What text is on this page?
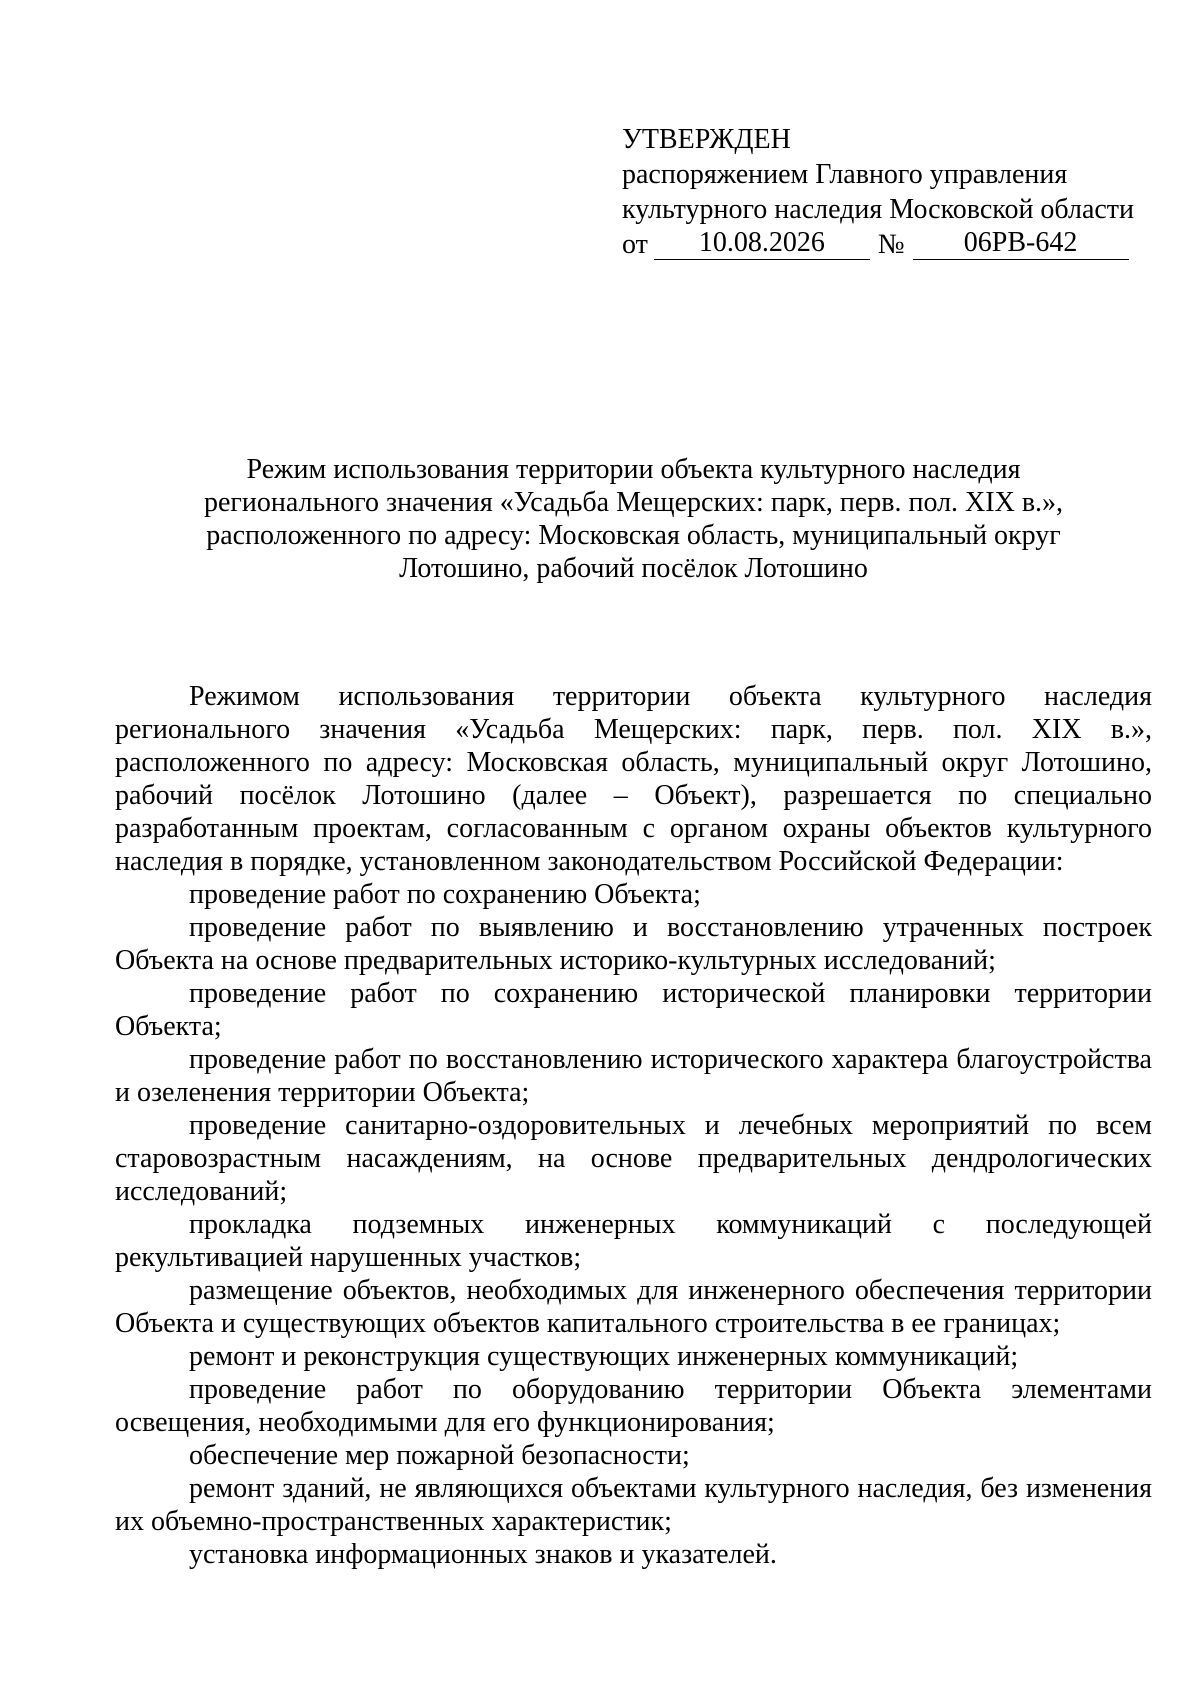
УТВЕРЖДЕН
распоряжением Главного управления
культурного наследия Московской области
от	10.08.2026	№	06РВ-642
Режим использования территории объекта культурного наследия
регионального значения «Усадьба Мещерских: парк, перв. пол. XIX в.»,
расположенного по адресу: Московская область, муниципальный округ
Лотошино, рабочий посёлок Лотошино

Режимом использования территории объекта культурного наследия регионального значения «Усадьба Мещерских: парк, перв. пол. XIX в.», расположенного по адресу: Московская область, муниципальный округ Лотошино, рабочий посёлок Лотошино (далее – Объект), разрешается по специально разработанным проектам, согласованным с органом охраны объектов культурного наследия в порядке, установленном законодательством Российской Федерации:

проведение работ по сохранению Объекта;

проведение работ по выявлению и восстановлению утраченных построек Объекта на основе предварительных историко-культурных исследований;

проведение работ по сохранению исторической планировки территории Объекта;

проведение работ по восстановлению исторического характера благоустройства и озеленения территории Объекта;

проведение санитарно-оздоровительных и лечебных мероприятий по всем старовозрастным насаждениям, на основе предварительных дендрологических исследований;

прокладка подземных инженерных коммуникаций с последующей рекультивацией нарушенных участков;

размещение объектов, необходимых для инженерного обеспечения территории Объекта и существующих объектов капитального строительства в ее границах;

ремонт и реконструкция существующих инженерных коммуникаций;

проведение работ по оборудованию территории Объекта элементами освещения, необходимыми для его функционирования;

обеспечение мер пожарной безопасности;

ремонт зданий, не являющихся объектами культурного наследия, без изменения их объемно-пространственных характеристик;

установка информационных знаков и указателей.
